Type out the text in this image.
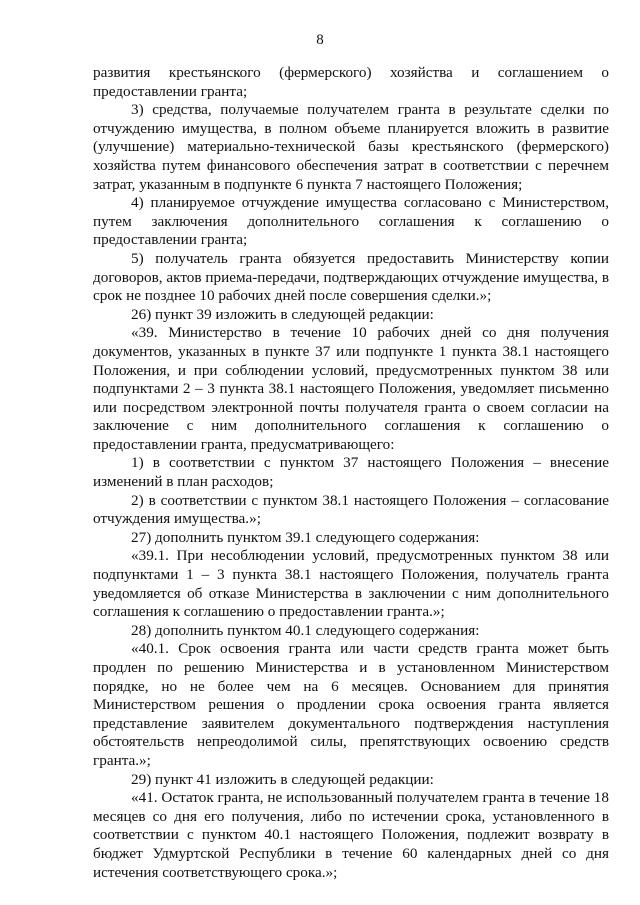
8

развития крестьянского (фермерского) хозяйства и соглашением о предоставлении гранта;

3) средства, получаемые получателем гранта в результате сделки по отчуждению имущества, в полном объеме планируется вложить в развитие (улучшение) материально-технической базы крестьянского (фермерского) хозяйства путем финансового обеспечения затрат в соответствии с перечнем затрат, указанным в подпункте 6 пункта 7 настоящего Положения;

4) планируемое отчуждение имущества согласовано с Министерством, путем заключения дополнительного соглашения к соглашению о предоставлении гранта;

5) получатель гранта обязуется предоставить Министерству копии договоров, актов приема-передачи, подтверждающих отчуждение имущества, в срок не позднее 10 рабочих дней после совершения сделки.»;

26) пункт 39 изложить в следующей редакции:

«39. Министерство в течение 10 рабочих дней со дня получения документов, указанных в пункте 37 или подпункте 1 пункта 38.1 настоящего Положения, и при соблюдении условий, предусмотренных пунктом 38 или подпунктами 2 – 3 пункта 38.1 настоящего Положения, уведомляет письменно или посредством электронной почты получателя гранта о своем согласии на заключение с ним дополнительного соглашения к соглашению о предоставлении гранта, предусматривающего:

1) в соответствии с пунктом 37 настоящего Положения – внесение изменений в план расходов;

2) в соответствии с пунктом 38.1 настоящего Положения – согласование отчуждения имущества.»;

27) дополнить пунктом 39.1 следующего содержания:

«39.1. При несоблюдении условий, предусмотренных пунктом 38 или подпунктами 1 – 3 пункта 38.1 настоящего Положения, получатель гранта уведомляется об отказе Министерства в заключении с ним дополнительного соглашения к соглашению о предоставлении гранта.»;

28) дополнить пунктом 40.1 следующего содержания:

«40.1. Срок освоения гранта или части средств гранта может быть продлен по решению Министерства и в установленном Министерством порядке, но не более чем на 6 месяцев. Основанием для принятия Министерством решения о продлении срока освоения гранта является представление заявителем документального подтверждения наступления обстоятельств непреодолимой силы, препятствующих освоению средств гранта.»;

29) пункт 41 изложить в следующей редакции:

«41. Остаток гранта, не использованный получателем гранта в течение 18 месяцев со дня его получения, либо по истечении срока, установленного в соответствии с пунктом 40.1 настоящего Положения, подлежит возврату в бюджет Удмуртской Республики в течение 60 календарных дней со дня истечения соответствующего срока.»;
